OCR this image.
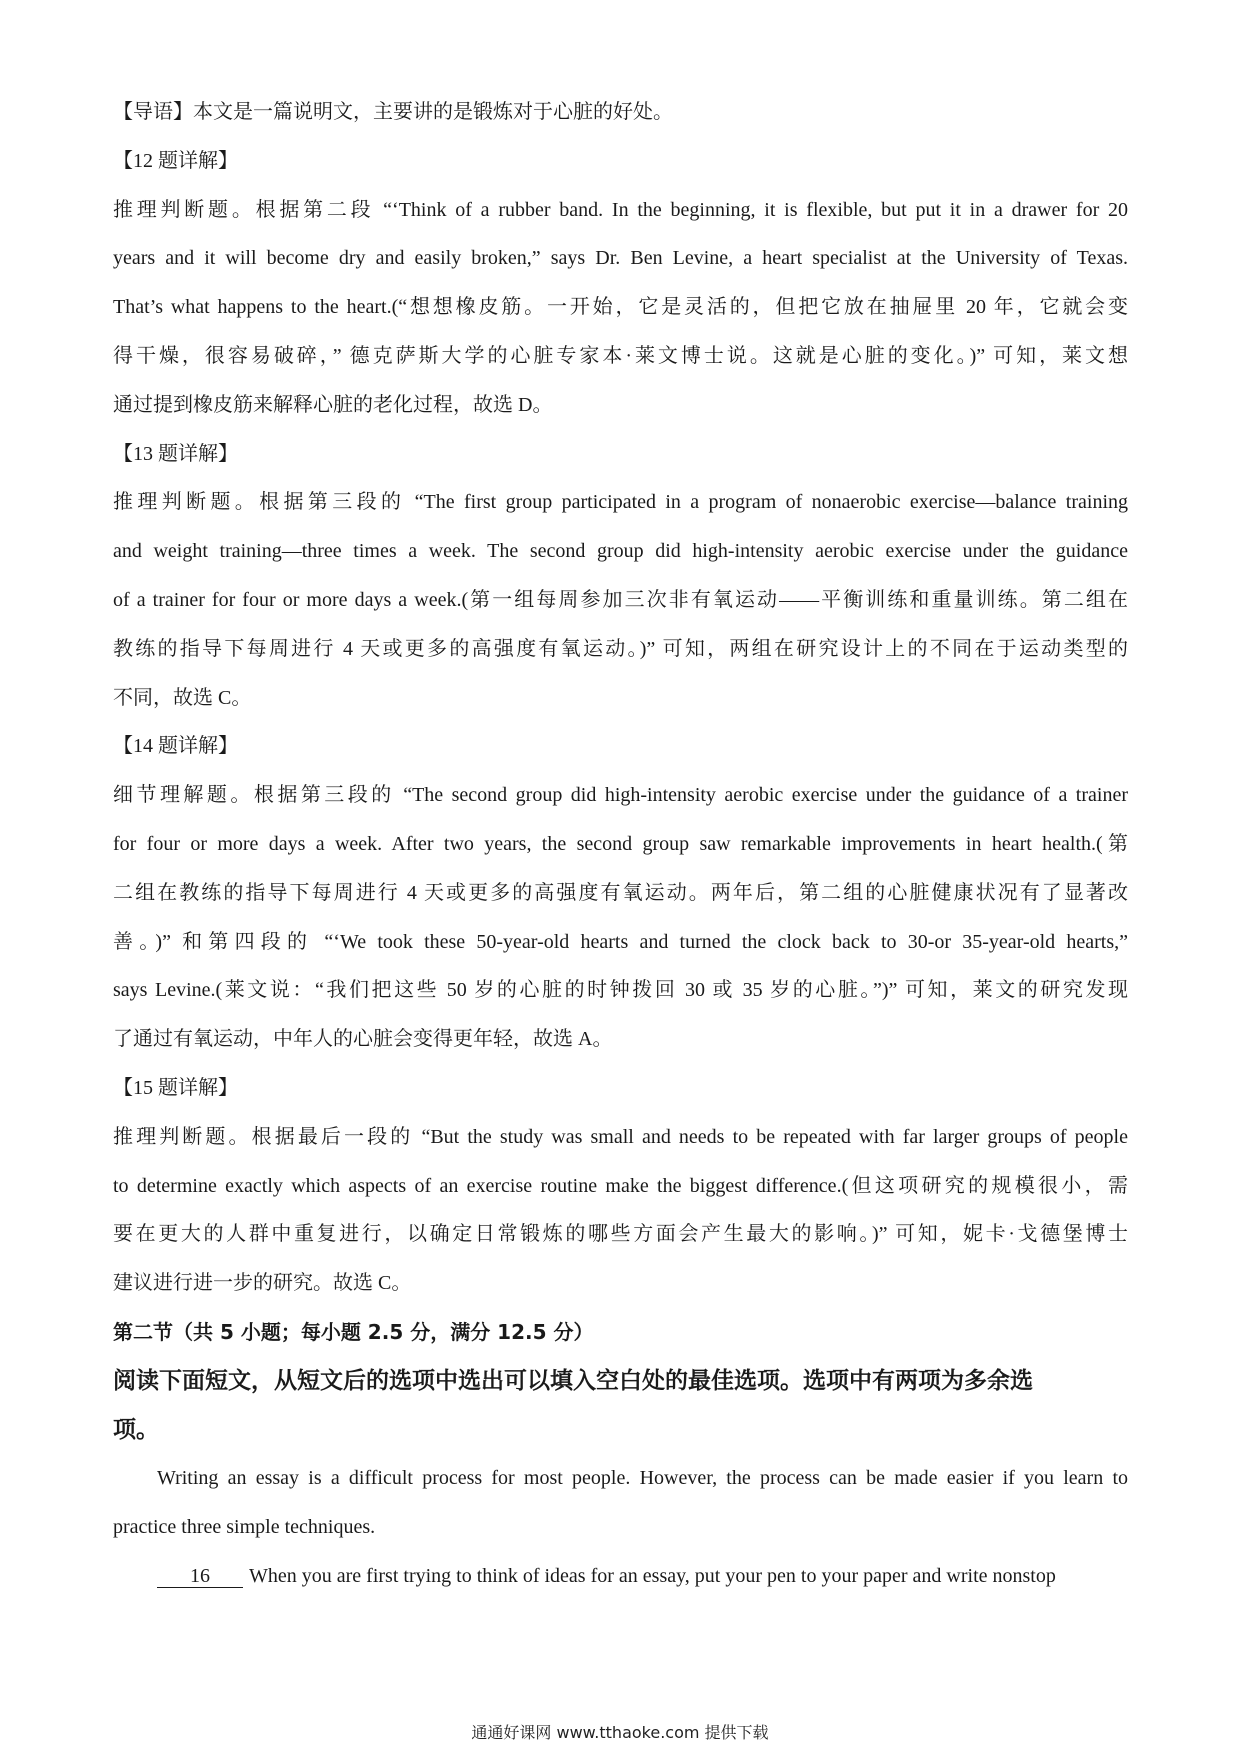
【导语】本文是一篇说明文，主要讲的是锻炼对于心脏的好处。
【12 题详解】
推理判断题。根据第二段 “‘Think of a rubber band. In the beginning, it is flexible, but put it in a drawer for 20
years and it will become dry and easily broken,” says Dr. Ben Levine, a heart specialist at the University of Texas.
That’s what happens to the heart.(“想想橡皮筋。一开始，它是灵活的，但把它放在抽屉里 20 年，它就会变
得干燥，很容易破碎，” 德克萨斯大学的心脏专家本·莱文博士说。这就是心脏的变化。)” 可知，莱文想
通过提到橡皮筋来解释心脏的老化过程，故选 D。
【13 题详解】
推理判断题。根据第三段的 “The first group participated in a program of nonaerobic exercise—balance training
and weight training—three times a week. The second group did high-intensity aerobic exercise under the guidance
of a trainer for four or more days a week.(第一组每周参加三次非有氧运动——平衡训练和重量训练。第二组在
教练的指导下每周进行 4 天或更多的高强度有氧运动。)” 可知，两组在研究设计上的不同在于运动类型的
不同，故选 C。
【14 题详解】
细节理解题。根据第三段的 “The second group did high-intensity aerobic exercise under the guidance of a trainer
for four or more days a week. After two years, the second group saw remarkable improvements in heart health.(第
二组在教练的指导下每周进行 4 天或更多的高强度有氧运动。两年后，第二组的心脏健康状况有了显著改
善。)” 和第四段的 “‘We took these 50-year-old hearts and turned the clock back to 30-or 35-year-old hearts,”
says Levine.(莱文说：“我们把这些 50 岁的心脏的时钟拨回 30 或 35 岁的心脏。”)” 可知，莱文的研究发现
了通过有氧运动，中年人的心脏会变得更年轻，故选 A。
【15 题详解】
推理判断题。根据最后一段的 “But the study was small and needs to be repeated with far larger groups of people
to determine exactly which aspects of an exercise routine make the biggest difference.(但这项研究的规模很小，需
要在更大的人群中重复进行，以确定日常锻炼的哪些方面会产生最大的影响。)” 可知，妮卡·戈德堡博士
建议进行进一步的研究。故选 C。
第二节（共 5 小题；每小题 2.5 分，满分 12.5 分）
阅读下面短文，从短文后的选项中选出可以填入空白处的最佳选项。选项中有两项为多余选
项。
Writing an essay is a difficult process for most people. However, the process can be made easier if you learn to
practice three simple techniques.
16 When you are first trying to think of ideas for an essay, put your pen to your paper and write nonstop
通通好课网 www.tthaoke.com 提供下载
